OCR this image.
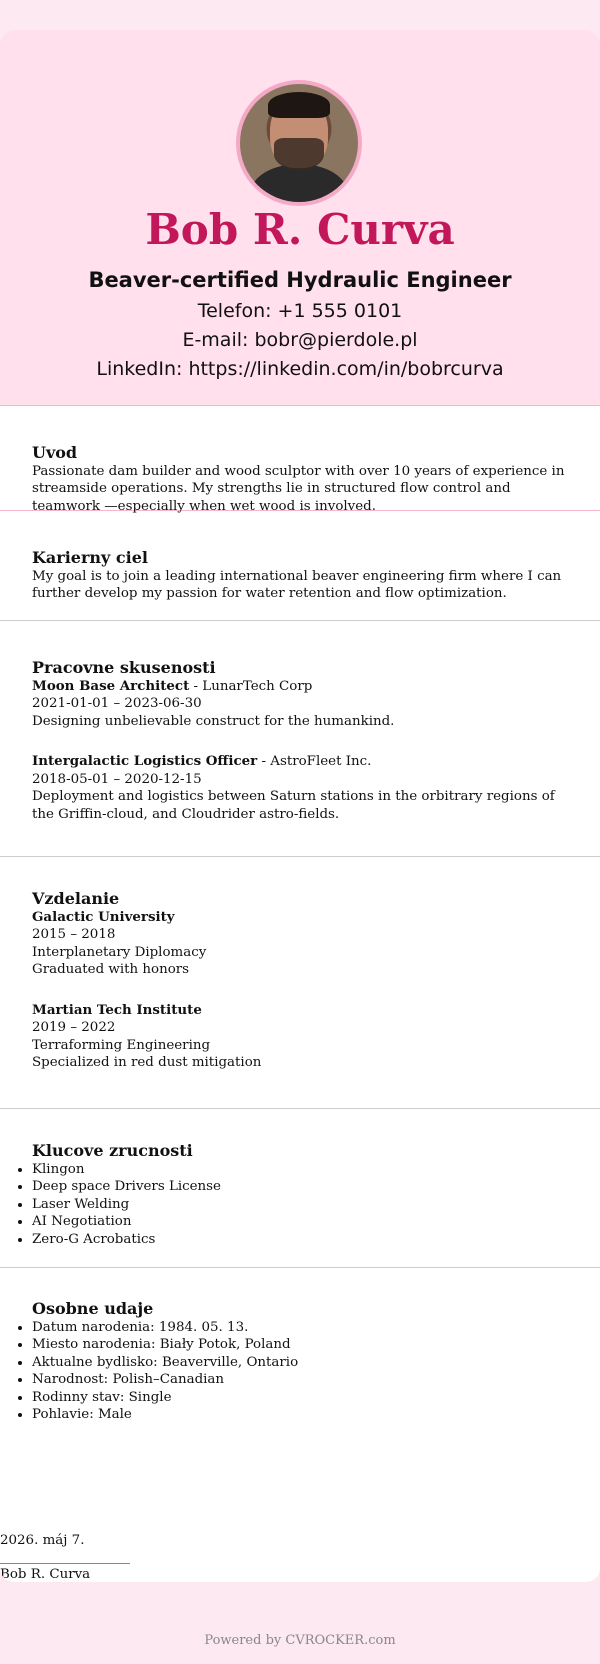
Bob R. Curva
Beaver-certified Hydraulic Engineer
Telefon: +1 555 0101
E-mail: bobr@pierdole.pl
LinkedIn: https://linkedin.com/in/bobrcurva
Uvod

Passionate dam builder and wood sculptor with over 10 years of experience in streamside operations. My strengths lie in structured flow control and teamwork —especially when wet wood is involved.

Karierny ciel

My goal is to join a leading international beaver engineering firm where I can further develop my passion for water retention and flow optimization.

Pracovne skusenosti
Moon Base Architect - LunarTech Corp
2021-01-01 – 2023-06-30
Designing unbelievable construct for the humankind.
Intergalactic Logistics Officer - AstroFleet Inc.
2018-05-01 – 2020-12-15
Deployment and logistics between Saturn stations in the orbitrary regions of the Griffin-cloud, and Cloudrider astro-fields.
Vzdelanie
Galactic University
2015 – 2018
Interplanetary Diplomacy
Graduated with honors
Martian Tech Institute
2019 – 2022
Terraforming Engineering
Specialized in red dust mitigation
Klucove zrucnosti
• Klingon
• Deep space Drivers License
• Laser Welding
• AI Negotiation
• Zero-G Acrobatics
Osobne udaje
• Datum narodenia: 1984. 05. 13.
• Miesto narodenia: Biały Potok, Poland
• Aktualne bydlisko: Beaverville, Ontario
• Narodnost: Polish–Canadian
• Rodinny stav: Single
• Pohlavie: Male
2026. máj 7.
Bob R. Curva
Powered by CVROCKER.com
